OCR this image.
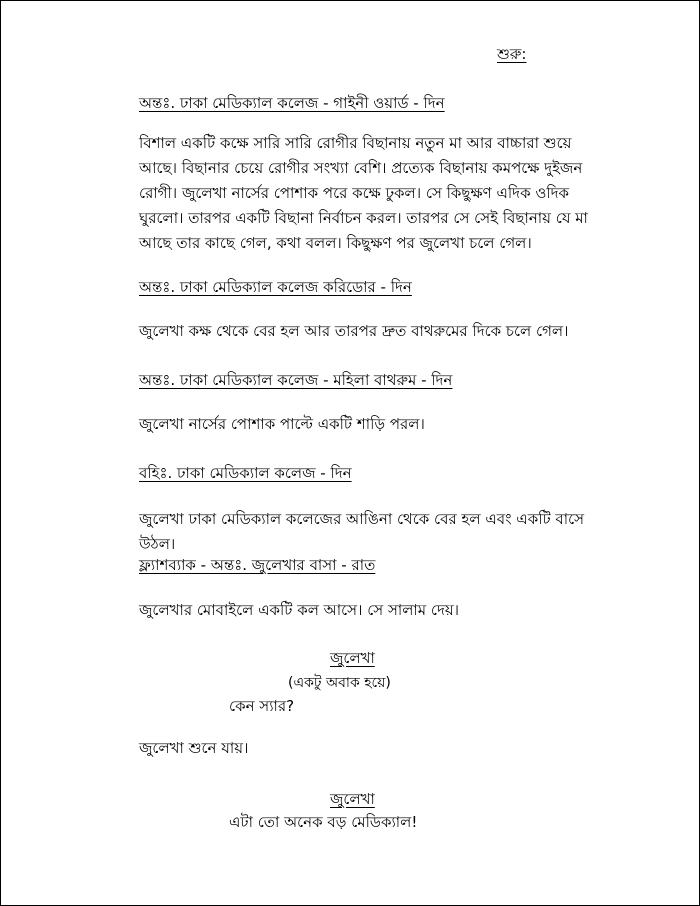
শুরু:
অন্তঃ. ঢাকা মেডিক্যাল কলেজ - গাইনী ওয়ার্ড - দিন
বিশাল একটি কক্ষে সারি সারি রোগীর বিছানায় নতুন মা আর বাচ্চারা শুয়ে আছে। বিছানার চেয়ে রোগীর সংখ্যা বেশি। প্রত্যেক বিছানায় কমপক্ষে দুইজন রোগী। জুলেখা নার্সের পোশাক পরে কক্ষে ঢুকল। সে কিছুক্ষণ এদিক ওদিক ঘুরলো। তারপর একটি বিছানা নির্বাচন করল। তারপর সে সেই বিছানায় যে মা আছে তার কাছে গেল, কথা বলল। কিছুক্ষণ পর জুলেখা চলে গেল।
অন্তঃ. ঢাকা মেডিক্যাল কলেজ করিডোর - দিন
জুলেখা কক্ষ থেকে বের হল আর তারপর দ্রুত বাথরুমের দিকে চলে গেল।
অন্তঃ. ঢাকা মেডিক্যাল কলেজ - মহিলা বাথরুম - দিন
জুলেখা নার্সের পোশাক পাল্টে একটি শাড়ি পরল।
বহিঃ. ঢাকা মেডিক্যাল কলেজ - দিন
জুলেখা ঢাকা মেডিক্যাল কলেজের আঙিনা থেকে বের হল এবং একটি বাসে উঠল।
ফ্ল্যাশব্যাক - অন্তঃ. জুলেখার বাসা - রাত
জুলেখার মোবাইলে একটি কল আসে। সে সালাম দেয়।
জুলেখা
(একটু অবাক হয়ে)
কেন স্যার?
জুলেখা শুনে যায়।
জুলেখা
এটা তো অনেক বড় মেডিক্যাল!
